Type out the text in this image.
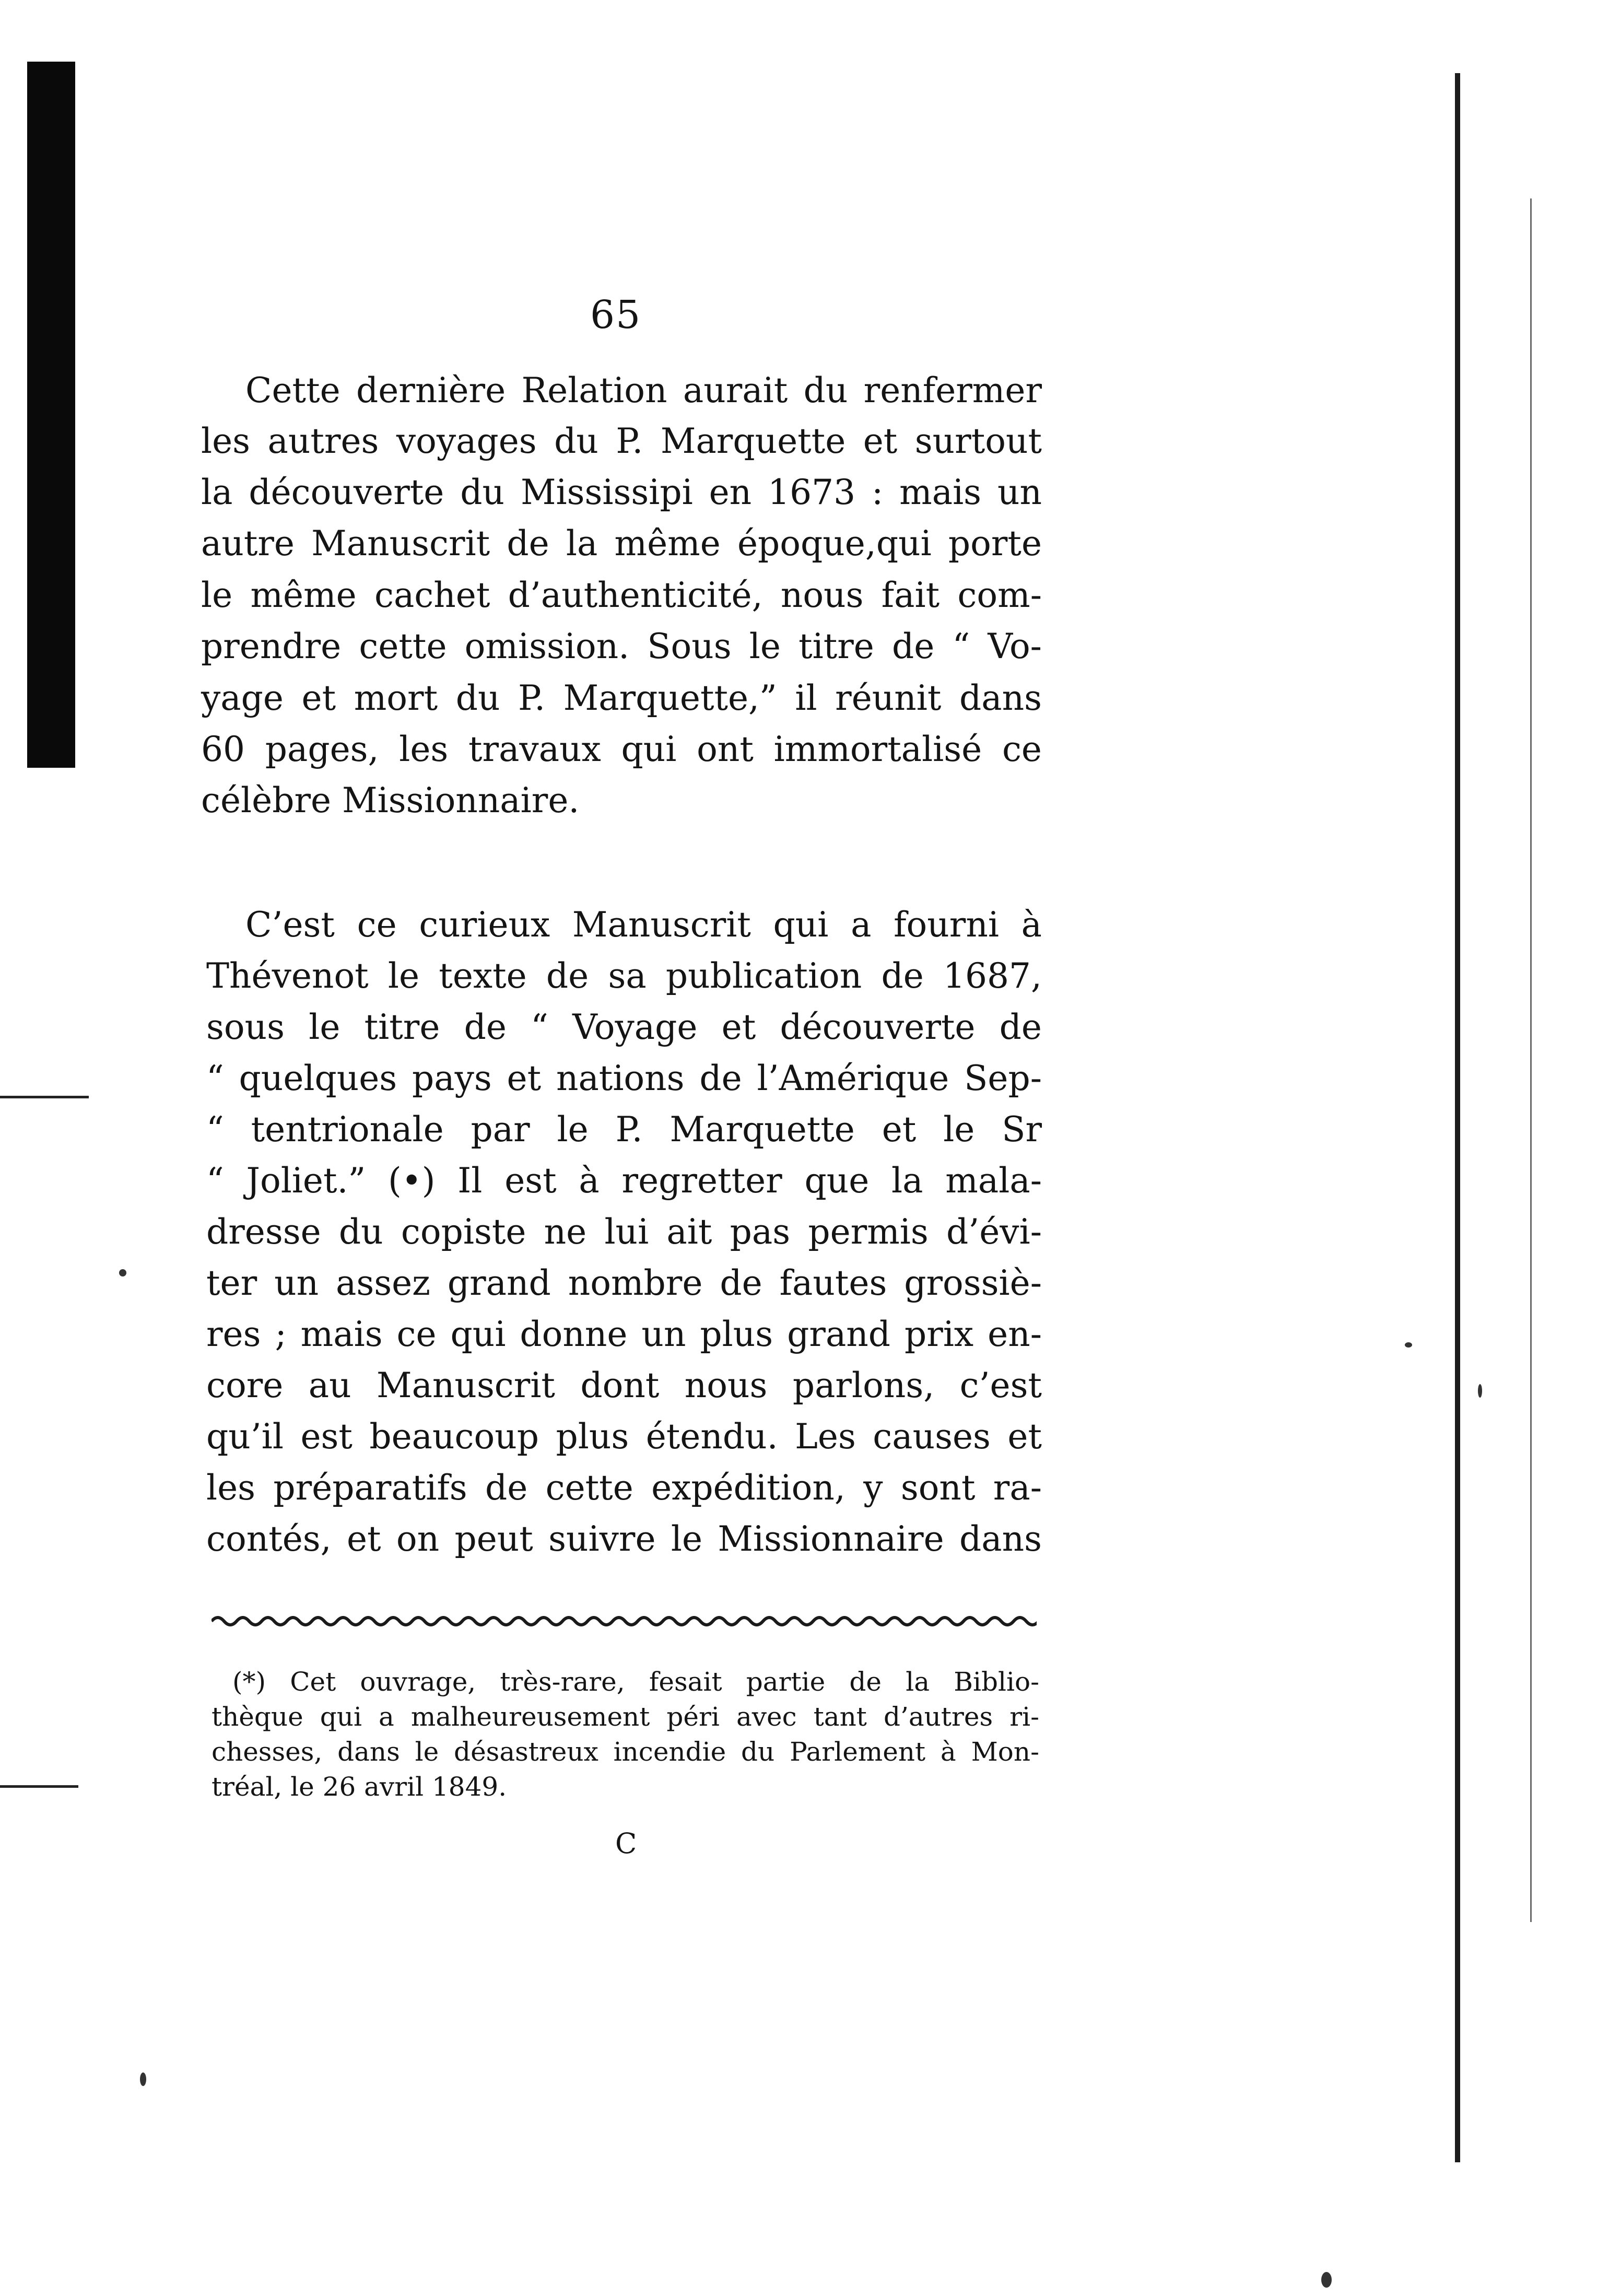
65
Cette dernière Relation aurait du renfermer
les autres voyages du P. Marquette et surtout
la découverte du Mississipi en 1673 : mais un
autre Manuscrit de la même époque,qui porte
le même cachet d’authenticité, nous fait com-
prendre cette omission. Sous le titre de “ Vo-
yage et mort du P. Marquette,” il réunit dans
60 pages, les travaux qui ont immortalisé ce
célèbre Missionnaire.
C’est ce curieux Manuscrit qui a fourni à
Thévenot le texte de sa publication de 1687,
sous le titre de “ Voyage et découverte de
“ quelques pays et nations de l’Amérique Sep-
“ tentrionale par le P. Marquette et le Sr
“ Joliet.” (•) Il est à regretter que la mala-
dresse du copiste ne lui ait pas permis d’évi-
ter un assez grand nombre de fautes grossiè-
res ; mais ce qui donne un plus grand prix en-
core au Manuscrit dont nous parlons, c’est
qu’il est beaucoup plus étendu. Les causes et
les préparatifs de cette expédition, y sont ra-
contés, et on peut suivre le Missionnaire dans
(*) Cet ouvrage, très-rare, fesait partie de la Biblio-
thèque qui a malheureusement péri avec tant d’autres ri-
chesses, dans le désastreux incendie du Parlement à Mon-
tréal, le 26 avril 1849.
C
